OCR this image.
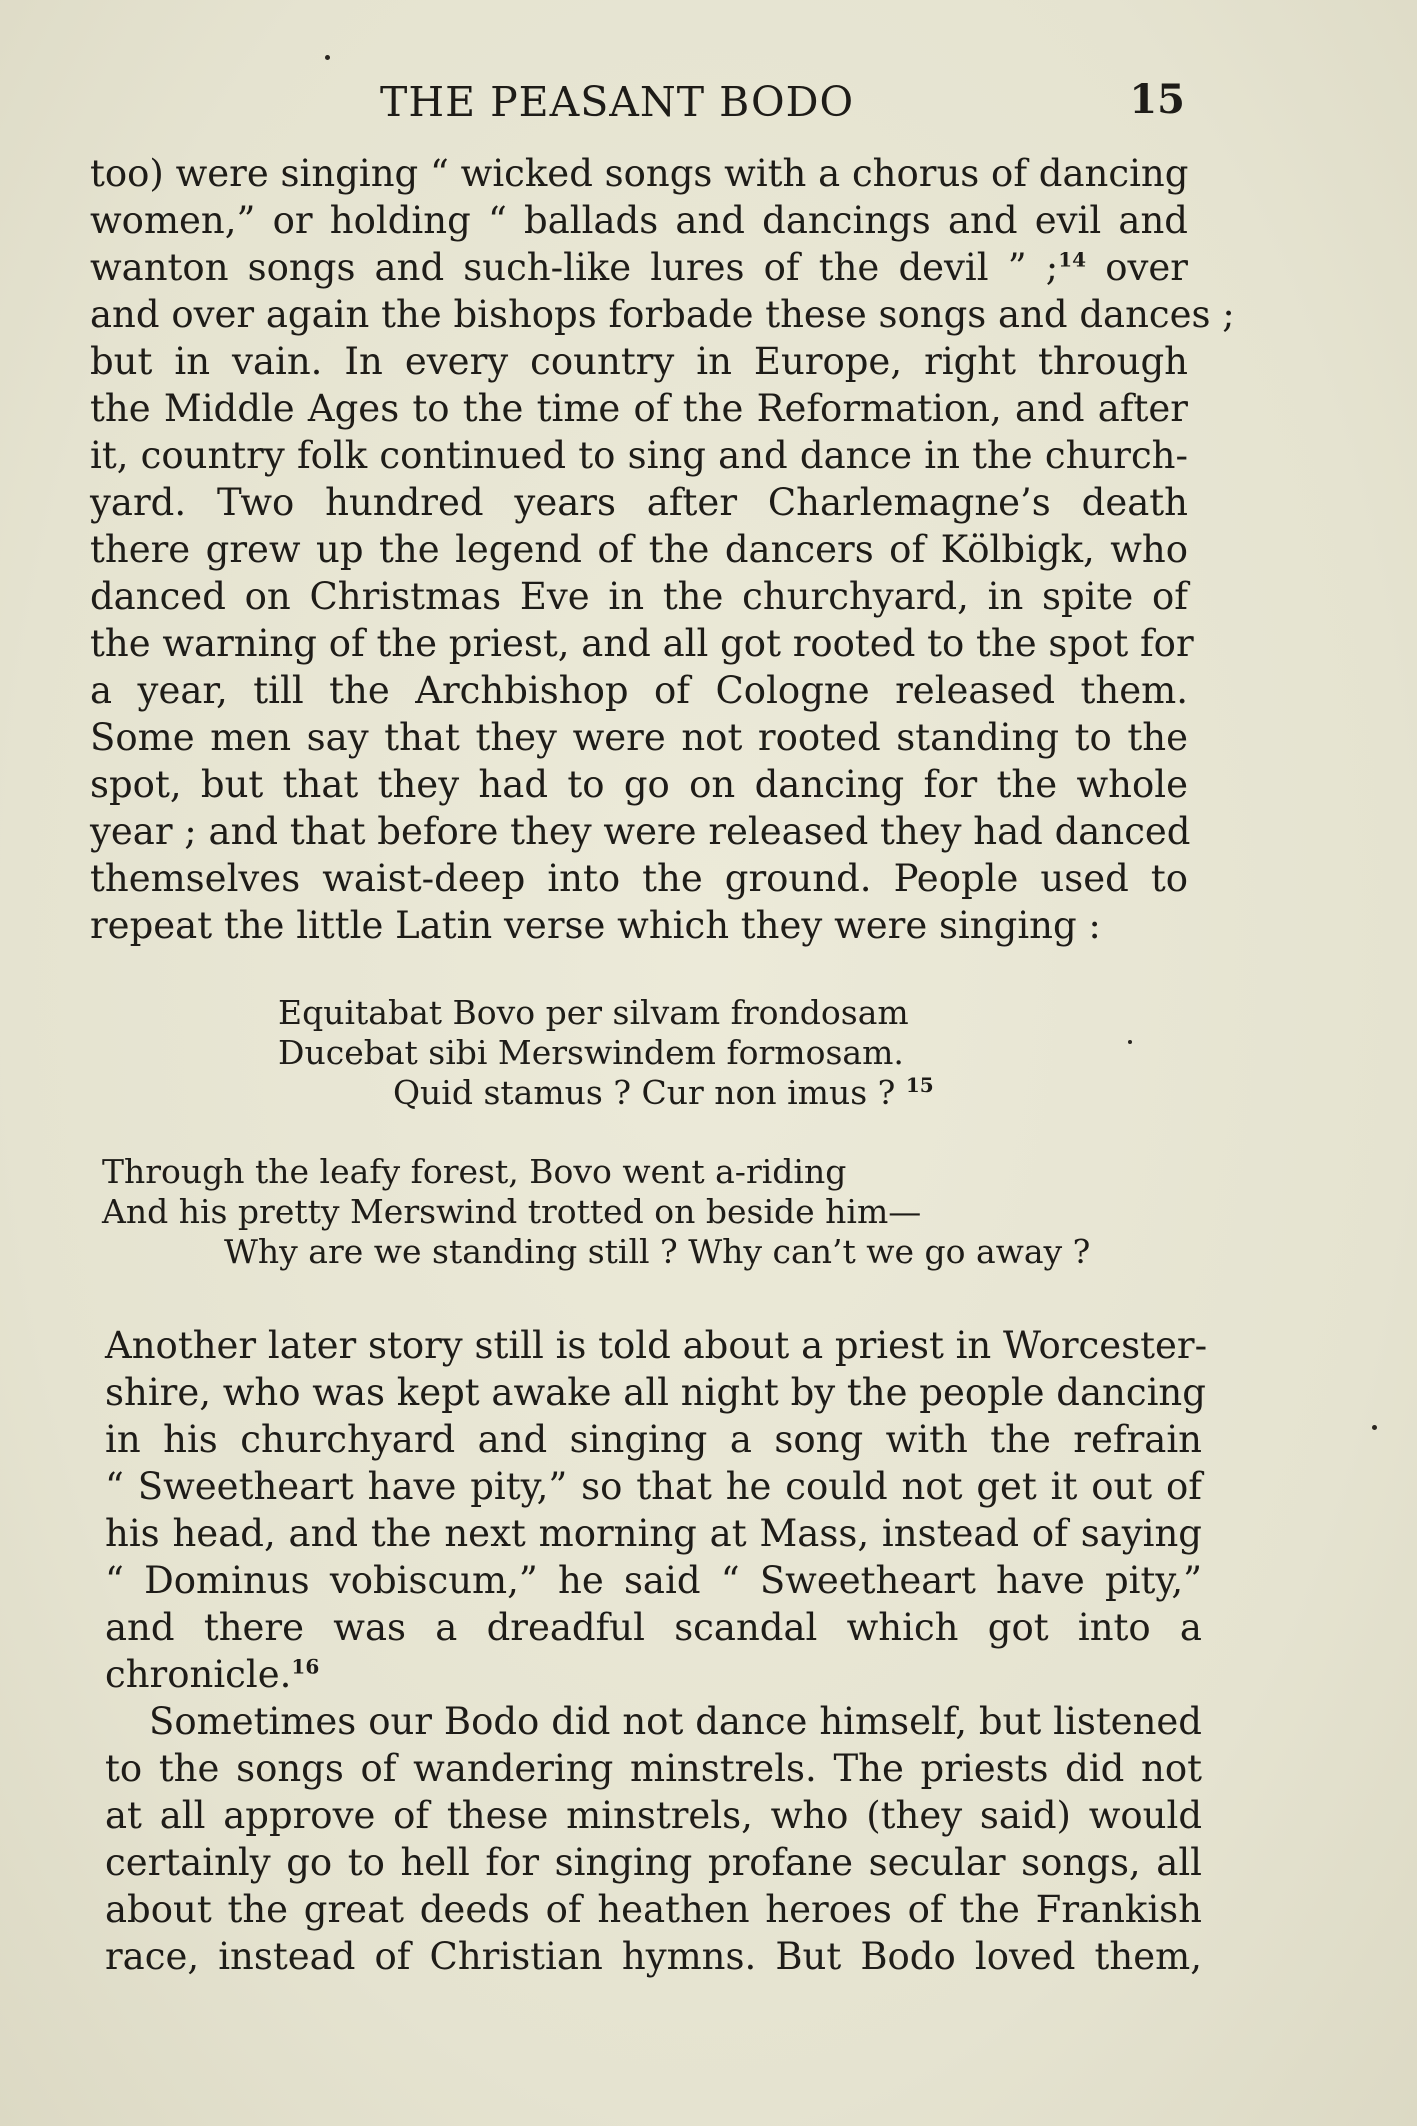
THE PEASANT BODO	15
too) were singing “ wicked songs with a chorus of dancing
women,” or holding “ ballads and dancings and evil and
wanton songs and such-like lures of the devil ” ;$^{14}$ over
and over again the bishops forbade these songs and dances ;
but in vain. In every country in Europe, right through
the Middle Ages to the time of the Reformation, and after
it, country folk continued to sing and dance in the church-
yard. Two hundred years after Charlemagne’s death
there grew up the legend of the dancers of Kölbigk, who
danced on Christmas Eve in the churchyard, in spite of
the warning of the priest, and all got rooted to the spot for
a year, till the Archbishop of Cologne released them.
Some men say that they were not rooted standing to the
spot, but that they had to go on dancing for the whole
year ; and that before they were released they had danced
themselves waist-deep into the ground. People used to
repeat the little Latin verse which they were singing :
Equitabat Bovo per silvam frondosam
Ducebat sibi Merswindem formosam.
Quid stamus ? Cur non imus ? $^{15}$
Through the leafy forest, Bovo went a-riding
And his pretty Merswind trotted on beside him—
Why are we standing still ? Why can’t we go away ?
Another later story still is told about a priest in Worcester-
shire, who was kept awake all night by the people dancing
in his churchyard and singing a song with the refrain
“ Sweetheart have pity,” so that he could not get it out of
his head, and the next morning at Mass, instead of saying
“ Dominus vobiscum,” he said “ Sweetheart have pity,”
and there was a dreadful scandal which got into a
chronicle.$^{16}$
Sometimes our Bodo did not dance himself, but listened
to the songs of wandering minstrels. The priests did not
at all approve of these minstrels, who (they said) would
certainly go to hell for singing profane secular songs, all
about the great deeds of heathen heroes of the Frankish
race, instead of Christian hymns. But Bodo loved them,
